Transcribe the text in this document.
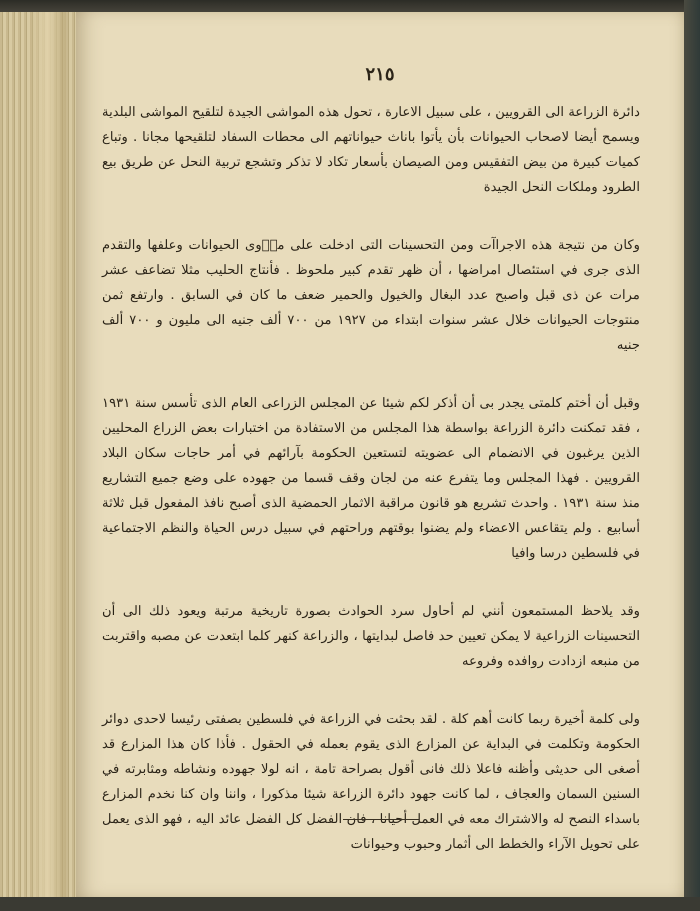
٢١٥

دائرة الزراعة الى القرويين ، على سبيل الاعارة ، تحول هذه المواشى الجيدة لتلقيح المواشى البلدية ويسمح أيضا لاصحاب الحيوانات بأن يأتوا باناث حيواناتهم الى محطات السفاد لتلقيحها مجانا . وتباع كميات كبيرة من بيض التفقيس ومن الصيصان بأسعار تكاد لا تذكر وتشجع تربية النحل عن طريق بيع الطرود وملكات النحل الجيدة

وكان من نتيجة هذه الاجراآت ومن التحسينات التى ادخلت على ما٘وى الحيوانات وعلفها والتقدم الذى جرى في استئصال امراضها ، أن ظهر تقدم كبير ملحوظ . فأنتاج الحليب مثلا تضاعف عشر مرات عن ذى قبل واصبح عدد البغال والخيول والحمير ضعف ما كان في السابق . وارتفع ثمن منتوجات الحيوانات خلال عشر سنوات ابتداء من ١٩٢٧ من ٧٠٠ ألف جنيه الى مليون و ٧٠٠ ألف جنيه

وقبل أن أختم كلمتى يجدر بى أن أذكر لكم شيئا عن المجلس الزراعى العام الذى تأسس سنة ١٩٣١ ، فقد تمكنت دائرة الزراعة بواسطة هذا المجلس من الاستفادة من اختبارات بعض الزراع المحليين الذين يرغبون في الانضمام الى عضويته لتستعين الحكومة بآرائهم في أمر حاجات سكان البلاد القرويين . فهذا المجلس وما يتفرع عنه من لجان وقف قسما من جهوده على وضع جميع التشاريع منذ سنة ١٩٣١ . واحدث تشريع هو قانون مراقبة الاثمار الحمضية الذى أصبح نافذ المفعول قبل ثلاثة أسابيع . ولم يتقاعس الاعضاء ولم يضنوا بوقتهم وراحتهم في سبيل درس الحياة والنظم الاجتماعية في فلسطين درسا وافيا

وقد يلاحظ المستمعون أنني لم أحاول سرد الحوادث بصورة تاريخية مرتبة ويعود ذلك الى أن التحسينات الزراعية لا يمكن تعيين حد فاصل لبدايتها ، والزراعة كنهر كلما ابتعدت عن مصبه واقتربت من منبعه ازدادت روافده وفروعه

ولى كلمة أخيرة ربما كانت أهم كلة . لقد بحثت في الزراعة في فلسطين بصفتى رئيسا لاحدى دوائر الحكومة وتكلمت في البداية عن المزارع الذى يقوم بعمله في الحقول . فأذا كان هذا المزارع قد أصغى الى حديثى وأظنه فاعلا ذلك فانى أقول بصراحة تامة ، انه لولا جهوده ونشاطه ومثابرته في السنين السمان والعجاف ، لما كانت جهود دائرة الزراعة شيئا مذكورا ، واننا وان كنا نخدم المزارع باسداء النصح له والاشتراك معه في العمل أحيانا ، فان الفضل كل الفضل عائد اليه ، فهو الذى يعمل على تحويل الآراء والخطط الى أثمار وحبوب وحيوانات
